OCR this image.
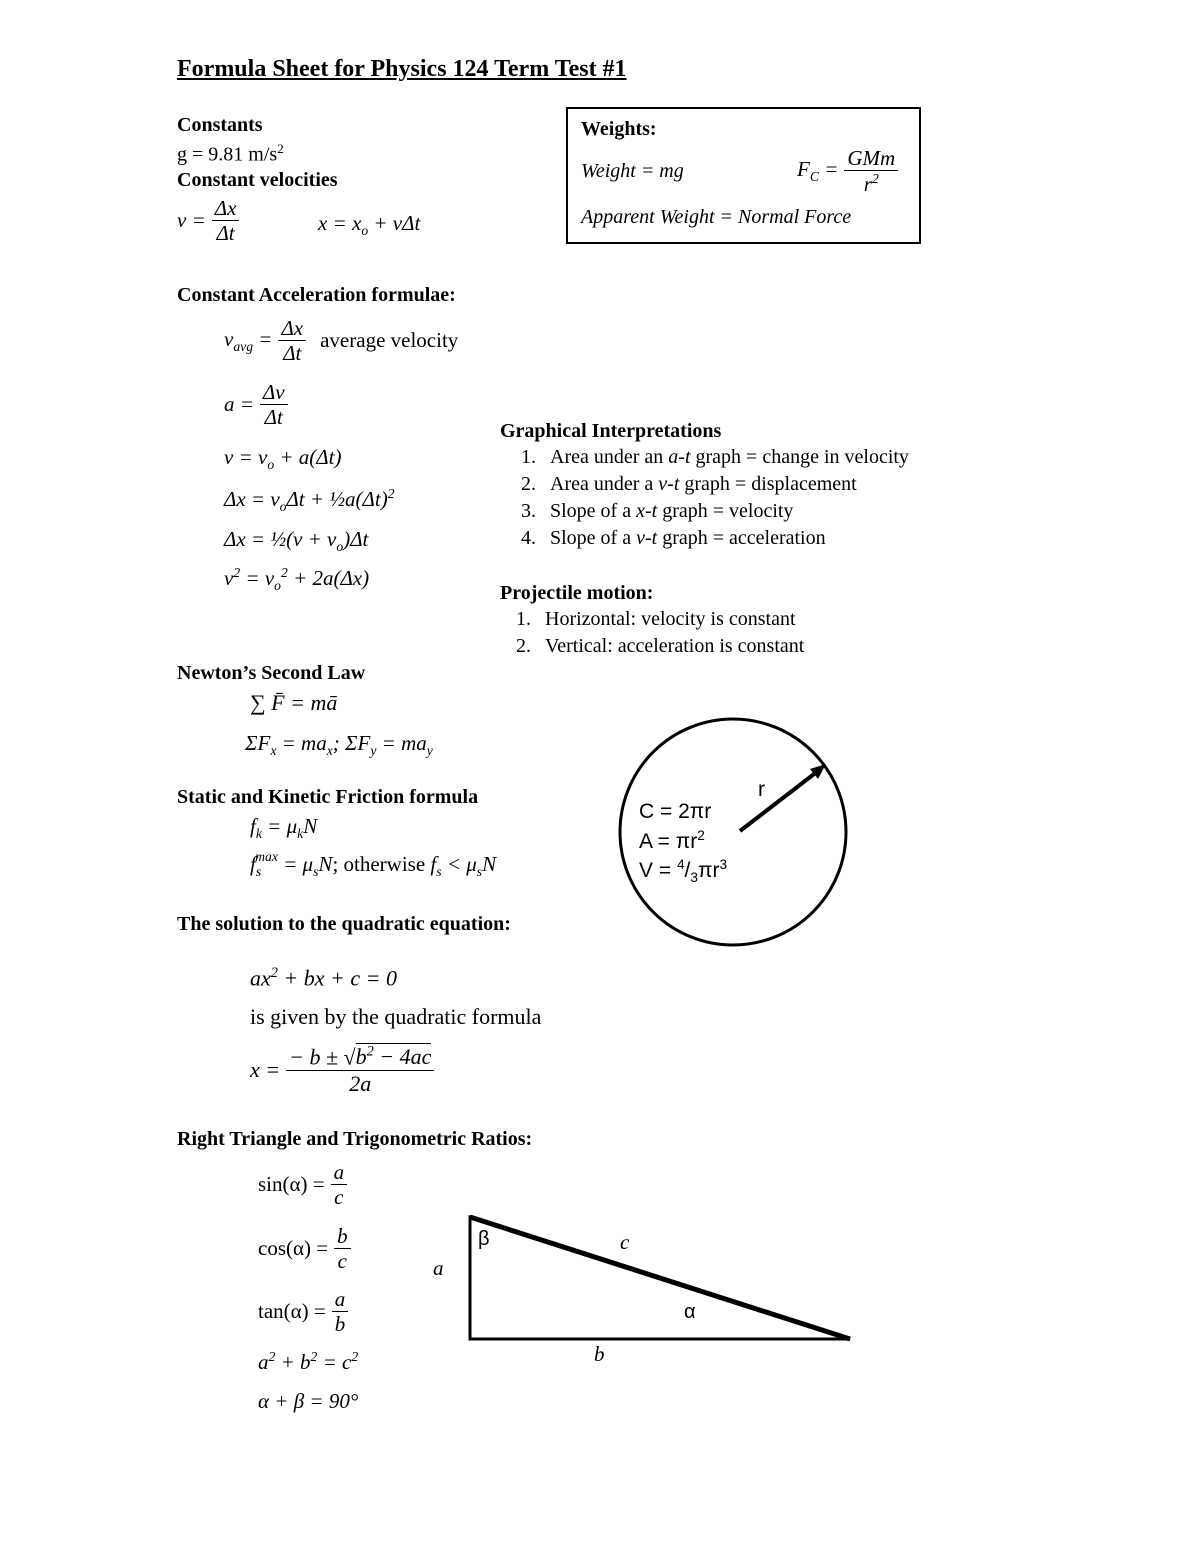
Formula Sheet for Physics 124 Term Test #1
Constants
g = 9.81 $m/s^2$
Constant velocities
$v = \frac{\Delta x}{\Delta t}$	$x = x_o + v\Delta t$
Weights:
Weight = mg	$F_C = \frac{\text{GMm}}{r^2}$
Apparent Weight = Normal Force
Constant Acceleration formulae:
$v_{avg} = \frac{\Delta x}{\Delta t}$ average velocity
$a = \frac{\Delta v}{\Delta t}$
$v = v_o + a(\Delta t)$
$\Delta x = v_o\Delta t$ + $\frac{1}{2}a(\Delta t)^2$
Δx = ½(v + $v_o)\Delta t$
$v^2 = v_o^2 + 2a(\Delta x)$
Graphical Interpretations
1. Area under an
a-t
graph = change in velocity
2. Area under a
v-t
graph = displacement
3. Slope of a
x-t
graph = velocity
4. Slope of a
v-t
graph = acceleration
Projectile motion:
1. Horizontal: velocity is constant
2. Vertical: acceleration is constant
Newton’s Second Law
∑ F̄ = mā
$\Sigma F_x = ma_x$; $\Sigma F_y = ma_y$
Static and Kinetic Friction formula
$f_k = \mu_kN$
$f_s^{max} = \mu_sN$; otherwise $f_s < \mu_sN$
r
C = 2πr
$A = \pi r^2$
$V = ^4/_3\pi r^3$
The solution to the quadratic equation:
$ax^2$ + bx + c = 0
is given by the quadratic formula
$x = \frac{- b \pm √b^2 - 4ac}{2a}$
Right Triangle and Trigonometric Ratios:
$\sin(\alpha) = \frac{a}{c}$
$\cos(\alpha) = \frac{b}{c}$
$\tan(\alpha) = \frac{a}{b}$
$a^2 + b^2 = c^2$
α + β = 90°
β	c
a
α
b
